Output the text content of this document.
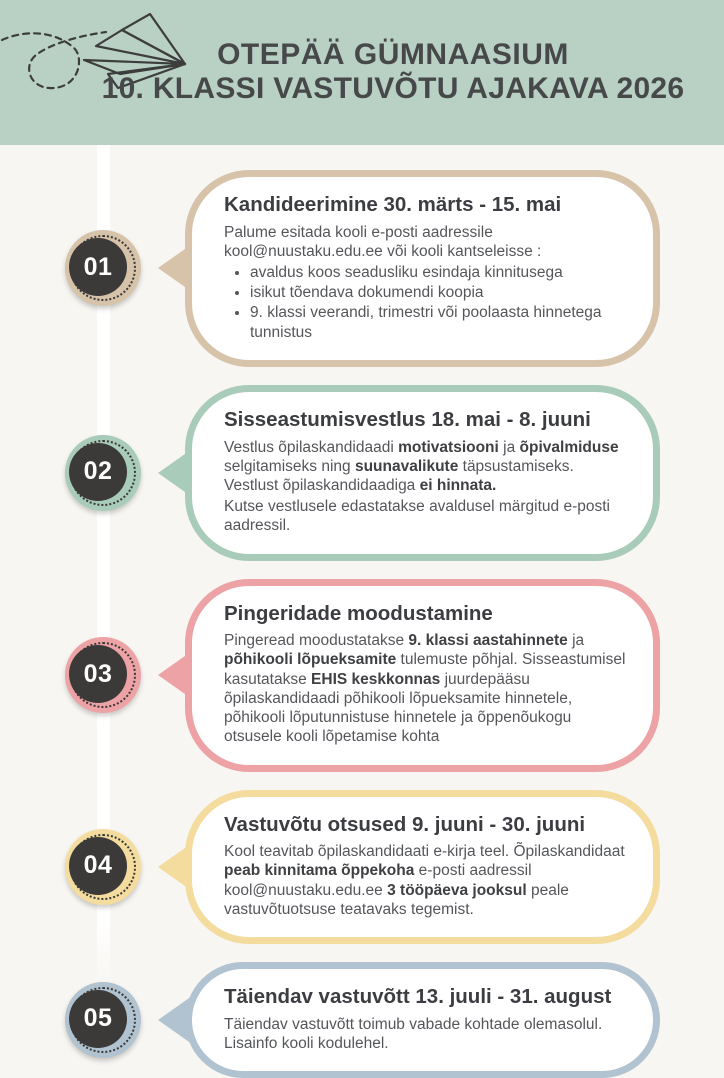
OTEPÄÄ GÜMNAASIUM
10. KLASSI VASTUVÕTU AJAKAVA 2026
01
Kandideerimine 30. märts - 15. mai

Palume esitada kooli e-posti aadressile kool@nuustaku.edu.ee või kooli kantseleisse :

• avaldus koos seadusliku esindaja kinnitusega
• isikut tõendava dokumendi koopia
• 9. klassi veerandi, trimestri või poolaasta hinnetega tunnistus
02
Sisseastumisvestlus 18. mai - 8. juuni

Vestlus õpilaskandidaadi motivatsiooni ja õpivalmiduse selgitamiseks ning suunavalikute täpsustamiseks. Vestlust õpilaskandidaadiga ei hinnata.

Kutse vestlusele edastatakse avaldusel märgitud e-posti aadressil.

03
Pingeridade moodustamine

Pingeread moodustatakse 9. klassi aastahinnete ja põhikooli lõpueksamite tulemuste põhjal. Sisseastumisel kasutatakse EHIS keskkonnas juurdepääsu õpilaskandidaadi põhikooli lõpueksamite hinnetele, põhikooli lõputunnistuse hinnetele ja õppenõukogu otsusele kooli lõpetamise kohta

04
Vastuvõtu otsused 9. juuni - 30. juuni

Kool teavitab õpilaskandidaati e-kirja teel. Õpilaskandidaat peab kinnitama õppekoha e-posti aadressil kool@nuustaku.edu.ee 3 tööpäeva jooksul peale vastuvõtuotsuse teatavaks tegemist.

05
Täiendav vastuvõtt 13. juuli - 31. august

Täiendav vastuvõtt toimub vabade kohtade olemasolul. Lisainfo kooli kodulehel.
